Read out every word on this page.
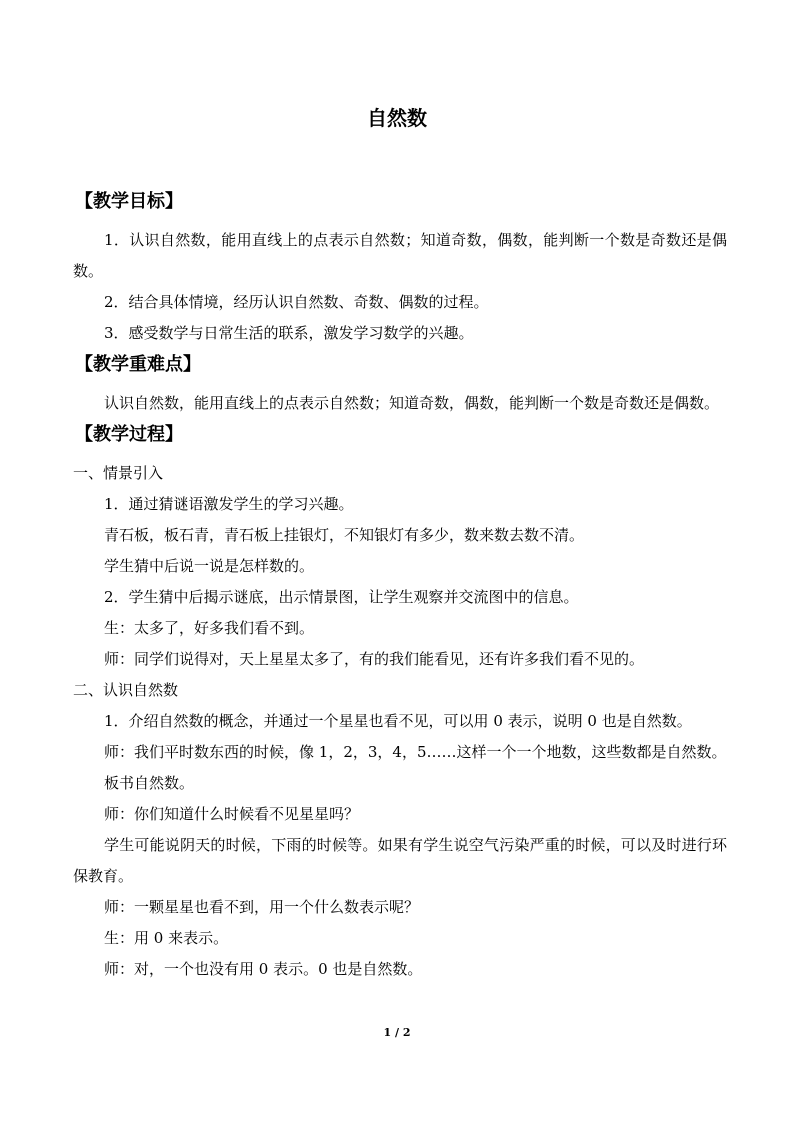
自然数
【教学目标】

1．认识自然数，能用直线上的点表示自然数；知道奇数，偶数，能判断一个数是奇数还是偶数。

2．结合具体情境，经历认识自然数、奇数、偶数的过程。

3．感受数学与日常生活的联系，激发学习数学的兴趣。

【教学重难点】

认识自然数，能用直线上的点表示自然数；知道奇数，偶数，能判断一个数是奇数还是偶数。

【教学过程】

一、情景引入

1．通过猜谜语激发学生的学习兴趣。

青石板，板石青，青石板上挂银灯，不知银灯有多少，数来数去数不清。

学生猜中后说一说是怎样数的。

2．学生猜中后揭示谜底，出示情景图，让学生观察并交流图中的信息。

生：太多了，好多我们看不到。

师：同学们说得对，天上星星太多了，有的我们能看见，还有许多我们看不见的。

二、认识自然数

1．介绍自然数的概念，并通过一个星星也看不见，可以用 0 表示，说明 0 也是自然数。

师：我们平时数东西的时候，像 1，2，3，4，5……这样一个一个地数，这些数都是自然数。

板书自然数。

师：你们知道什么时候看不见星星吗？

学生可能说阴天的时候，下雨的时候等。如果有学生说空气污染严重的时候，可以及时进行环保教育。

师：一颗星星也看不到，用一个什么数表示呢？

生：用 0 来表示。

师：对，一个也没有用 0 表示。0 也是自然数。

1 / 2
